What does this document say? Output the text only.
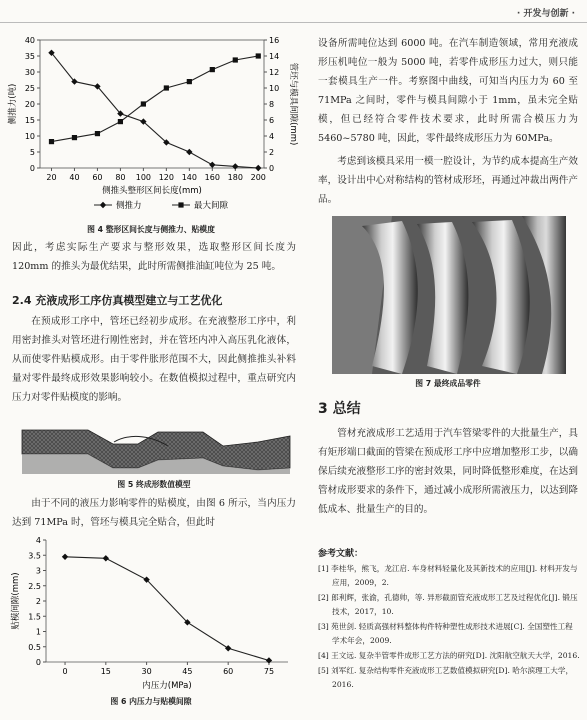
· 开发与创新 ·
0
5
10
15
20
25
30
35
40
0
2
4
6
8
10
12
14
16
20 40 60 80 100 120 140 160 180 200
侧推头整形区间长度(mm)
侧推力(吨)	管坯与模具间隙(mm)
侧推力	最大间隙
图 4 整形区间长度与侧推力、贴模度
因此，考虑实际生产要求与整形效果，选取整形区间长度为 120mm 的推头为最优结果，此时所需侧推油缸吨位为 25 吨。
2.4 充液成形工序仿真模型建立与工艺优化
在预成形工序中，管坯已经初步成形。在充液整形工序中，利用密封推头对管坯进行刚性密封，并在管坯内冲入高压乳化液体，从而使零件贴模成形。由于零件胀形范围不大，因此侧推推头补料量对零件最终成形效果影响较小。在数值模拟过程中，重点研究内压力对零件贴模度的影响。
图 5 终成形数值模型
由于不同的液压力影响零件的贴模度，由图 6 所示，当内压力达到 71MPa 时，管坯与模具完全贴合，但此时
0
0.5
1
1.5
2
2.5
3
3.5
4
0	15	30	45	60	75
内压力(MPa)
贴模间隙(mm)
图 6 内压力与贴模间隙
设备所需吨位达到 6000 吨。在汽车制造领域，常用充液成形压机吨位一般为 5000 吨，若零件成形压力过大，则只能一套模具生产一件。考察图中曲线，可知当内压力为 60 至 71MPa 之间时，零件与模具间隙小于 1mm，虽未完全贴模，但已经符合零件技术要求，此时所需合模压力为 5460~5780 吨，因此，零件最终成形压力为 60MPa。
考虑到该模具采用一模一腔设计，为节约成本提高生产效率，设计出中心对称结构的管材成形坯，再通过冲裁出两件产品。
图 7 最终成品零件
3 总结
管材充液成形工艺适用于汽车管梁零件的大批量生产，具有矩形端口截面的管梁在预成形工序中应增加整形工步，以确保后续充液整形工序的密封效果，同时降低整形难度，在达到管材成形要求的条件下，通过减小成形所需液压力，以达到降低成本、批量生产的目的。
参考文献：
[1] 李桂华，熊飞，龙江启. 车身材料轻量化及其新技术的应用[J]. 材料开发与应用，2009，2.
[2] 郎利辉，张渝，孔德帅，等. 异形截面管充液成形工艺及过程优化[J]. 锻压技术，2017，10.
[3] 苑世剑. 轻质高强材料整体构件特种塑性成形技术进展[C]. 全国塑性工程学术年会，2009.
[4] 王文远. 复杂半管零件成形工艺方法的研究[D]. 沈阳航空航天大学，2016.
[5] 刘军红. 复杂结构零件充液成形工艺数值模拟研究[D]. 哈尔滨理工大学，2016.
